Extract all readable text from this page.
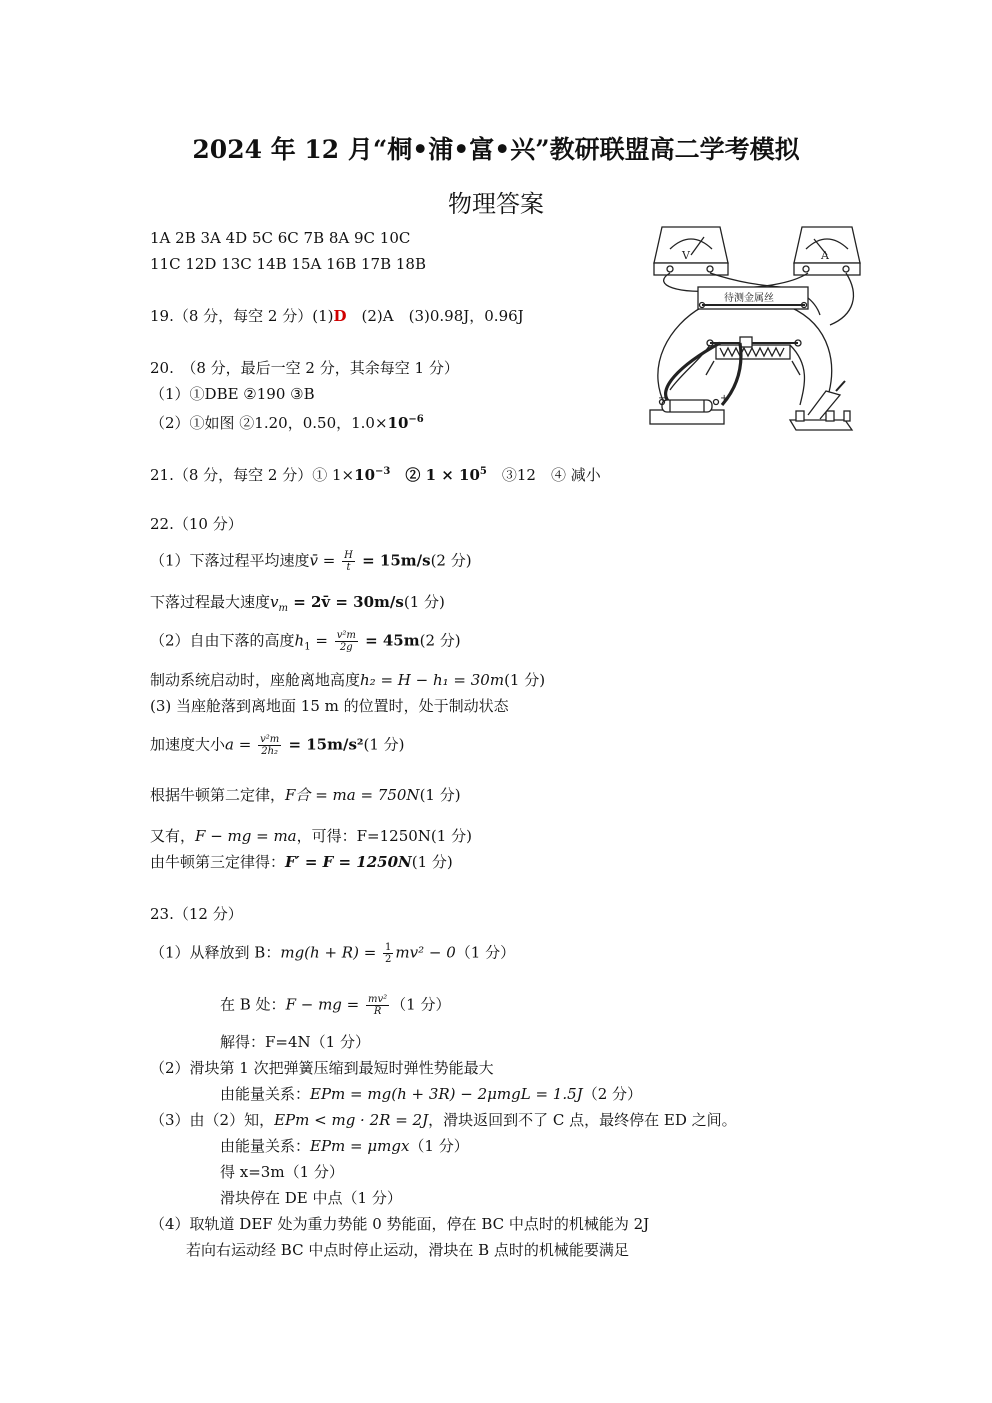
2024 年 12 月“桐•浦•富•兴”教研联盟高二学考模拟
物理答案
1A 2B 3A 4D 5C 6C 7B 8A 9C 10C
11C 12D 13C 14B 15A 16B 17B 18B
19.（8 分，每空 2 分）(1)D　(2)A　(3)0.98J，0.96J
20.　（8 分，最后一空 2 分，其余每空 1 分）
（1）①DBE ②190 ③B
（2）①如图 ②1.20，0.50，$1.0\times 10^{-6}$
21.（8 分，每空 2 分）① $1\times 10^{-3}$　② $1 \times 10^5$　③12　④ 减小
22.（10 分）
（1）下落过程平均速度v̄ = $\frac{H}{t} = 15m/s(2$ 分)
下落过程最大速度$v_m$ = 2v̄ = 30m/s(1 分)
（2）自由下落的高度$h_1 = \frac{\text{v²m}}{2g} = 45m(2$ 分)
制动系统启动时，座舱离地高度h₂ = H − h₁ = 30m(1 分)
(3) 当座舱落到离地面 15 m 的位置时，处于制动状态
加速度大小$a = \frac{\text{v²m}}{\text{2h₂}} = 15m/s^2(1$ 分)
根据牛顿第二定律，F合 = ma = 750N(1 分)
又有，F − mg = ma，可得：F=1250N(1 分)
由牛顿第三定律得：F′ = F = 1250N(1 分)
23.（12 分）
（1）从释放到 B：$mg(h + R) = \frac{1}{2} mv^2 - 0(1$ 分）
在 B 处：F − mg = $\frac{\text{mv²}}{R} (1$ 分）
解得：F=4N（1 分）
（2）滑块第 1 次把弹簧压缩到最短时弹性势能最大
由能量关系：EPm = mg(h + 3R) − 2μmgL = 1.5J（2 分）
（3）由（2）知，EPm < mg · 2R = 2J，滑块返回到不了 C 点，最终停在 ED 之间。
由能量关系：EPm = μmgx（1 分）
得 x=3m（1 分）
滑块停在 DE 中点（1 分）
（4）取轨道 DEF 处为重力势能 0 势能面，停在 BC 中点时的机械能为 2J
若向右运动经 BC 中点时停止运动，滑块在 B 点时的机械能要满足
V	A
待测金属丝
−	+
